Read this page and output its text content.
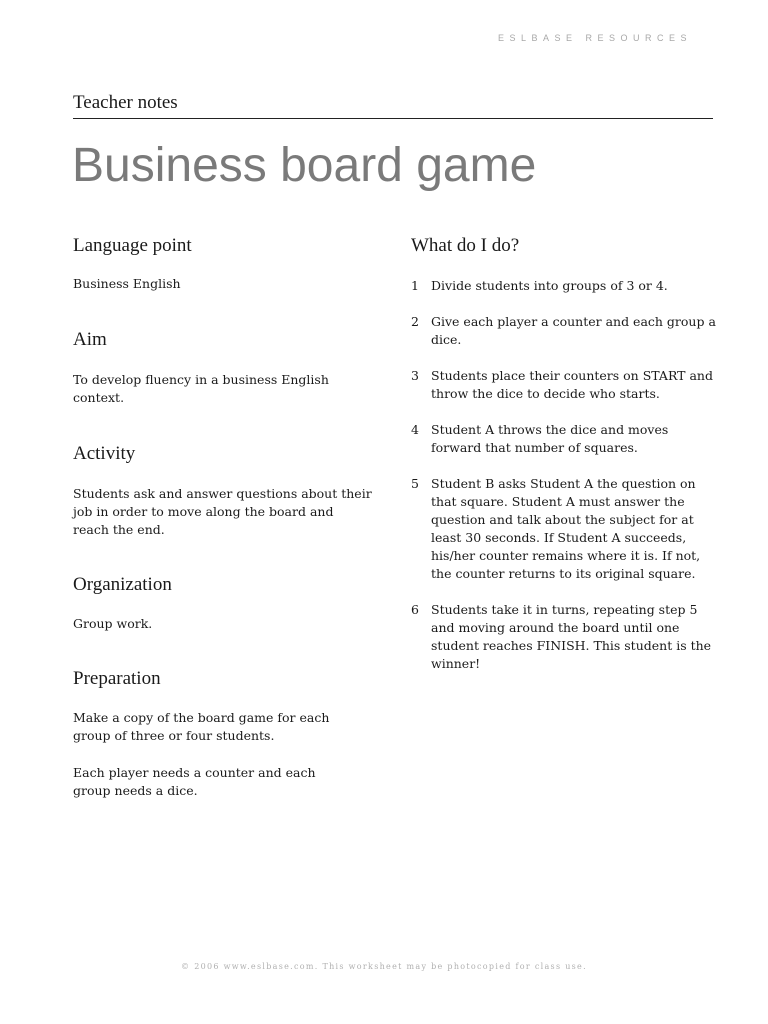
ESLBASE RESOURCES
Teacher notes
Business board game
Language point
Business English
Aim
To develop fluency in a business English context.
Activity
Students ask and answer questions about their job in order to move along the board and reach the end.
Organization
Group work.
Preparation
Make a copy of the board game for each group of three or four students.
Each player needs a counter and each group needs a dice.
What do I do?
1 Divide students into groups of 3 or 4.
2 Give each player a counter and each group a dice.
3 Students place their counters on START and throw the dice to decide who starts.
4 Student A throws the dice and moves forward that number of squares.
5 Student B asks Student A the question on that square. Student A must answer the question and talk about the subject for at least 30 seconds. If Student A succeeds, his/her counter remains where it is. If not, the counter returns to its original square.
6 Students take it in turns, repeating step 5 and moving around the board until one student reaches FINISH. This student is the winner!
© 2006 www.eslbase.com. This worksheet may be photocopied for class use.
